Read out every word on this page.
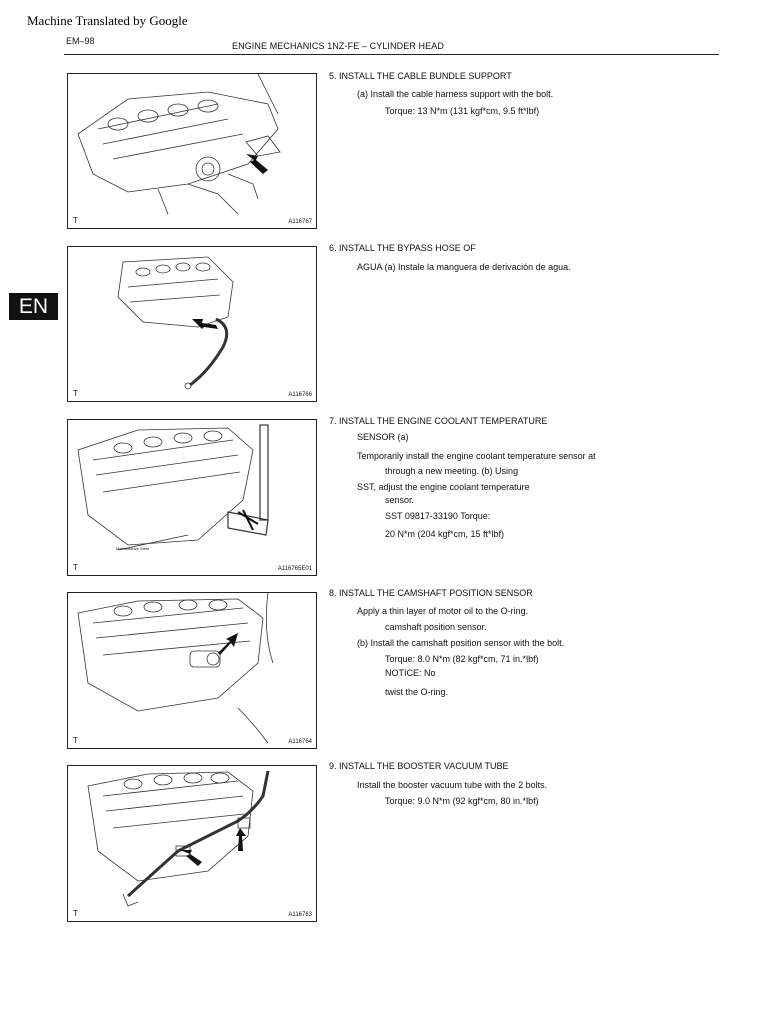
Machine Translated by Google
EM–98	ENGINE MECHANICS 1NZ-FE – CYLINDER HEAD
EN
T	A116767
T	A116766
Maintenance Steel
T	A116765E01
T	A116764
T	A116763
5. INSTALL THE CABLE BUNDLE SUPPORT
(a) Install the cable harness support with the bolt.
Torque: 13 N*m (131 kgf*cm, 9.5 ft*lbf)
6. INSTALL THE BYPASS HOSE OF
AGUA (a) Instale la manguera de derivación de agua.
7. INSTALL THE ENGINE COOLANT TEMPERATURE
SENSOR (a)
Temporarily install the engine coolant temperature sensor at
through a new meeting. (b) Using
SST, adjust the engine coolant temperature
sensor.
SST 09817-33190 Torque:
20 N*m (204 kgf*cm, 15 ft*lbf)
8. INSTALL THE CAMSHAFT POSITION SENSOR
Apply a thin layer of motor oil to the O-ring.
camshaft position sensor.
(b) Install the camshaft position sensor with the bolt.
Torque: 8.0 N*m (82 kgf*cm, 71 in.*lbf)
NOTICE: No
twist the O-ring.
9. INSTALL THE BOOSTER VACUUM TUBE
Install the booster vacuum tube with the 2 bolts.
Torque: 9.0 N*m (92 kgf*cm, 80 in.*lbf)
